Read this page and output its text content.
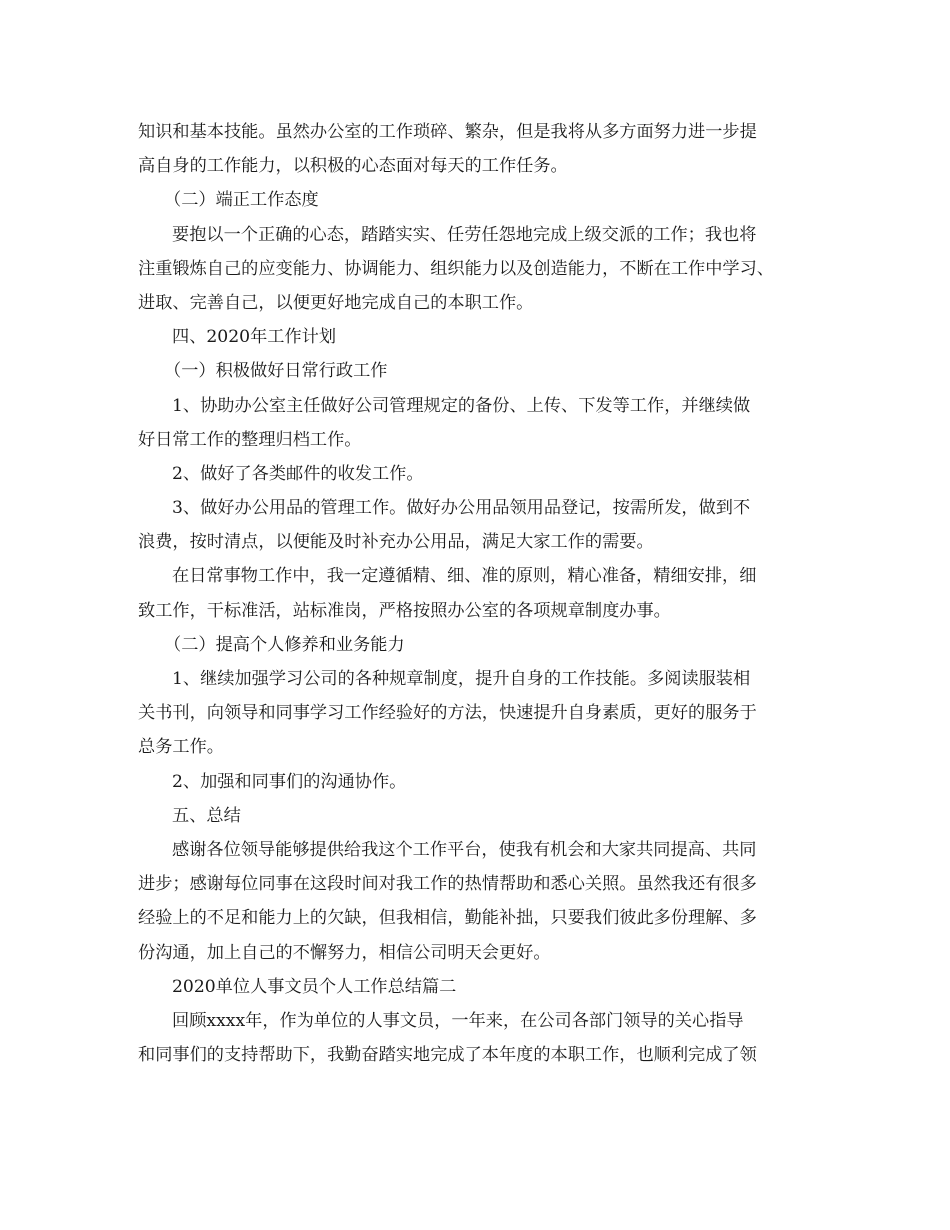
知识和基本技能。虽然办公室的工作琐碎、繁杂，但是我将从多方面努力进一步提
高自身的工作能力，以积极的心态面对每天的工作任务。
（二）端正工作态度
要抱以一个正确的心态，踏踏实实、任劳任怨地完成上级交派的工作；我也将
注重锻炼自己的应变能力、协调能力、组织能力以及创造能力，不断在工作中学习、
进取、完善自己，以便更好地完成自己的本职工作。
四、2020年工作计划
（一）积极做好日常行政工作
1、协助办公室主任做好公司管理规定的备份、上传、下发等工作，并继续做
好日常工作的整理归档工作。
2、做好了各类邮件的收发工作。
3、做好办公用品的管理工作。做好办公用品领用品登记，按需所发，做到不
浪费，按时清点，以便能及时补充办公用品，满足大家工作的需要。
在日常事物工作中，我一定遵循精、细、准的原则，精心准备，精细安排，细
致工作，干标准活，站标准岗，严格按照办公室的各项规章制度办事。
（二）提高个人修养和业务能力
1、继续加强学习公司的各种规章制度，提升自身的工作技能。多阅读服装相
关书刊，向领导和同事学习工作经验好的方法，快速提升自身素质，更好的服务于
总务工作。
2、加强和同事们的沟通协作。
五、总结
感谢各位领导能够提供给我这个工作平台，使我有机会和大家共同提高、共同
进步；感谢每位同事在这段时间对我工作的热情帮助和悉心关照。虽然我还有很多
经验上的不足和能力上的欠缺，但我相信，勤能补拙，只要我们彼此多份理解、多
份沟通，加上自己的不懈努力，相信公司明天会更好。
2020单位人事文员个人工作总结篇二
回顾xxxx年，作为单位的人事文员，一年来，在公司各部门领导的关心指导
和同事们的支持帮助下，我勤奋踏实地完成了本年度的本职工作，也顺利完成了领
